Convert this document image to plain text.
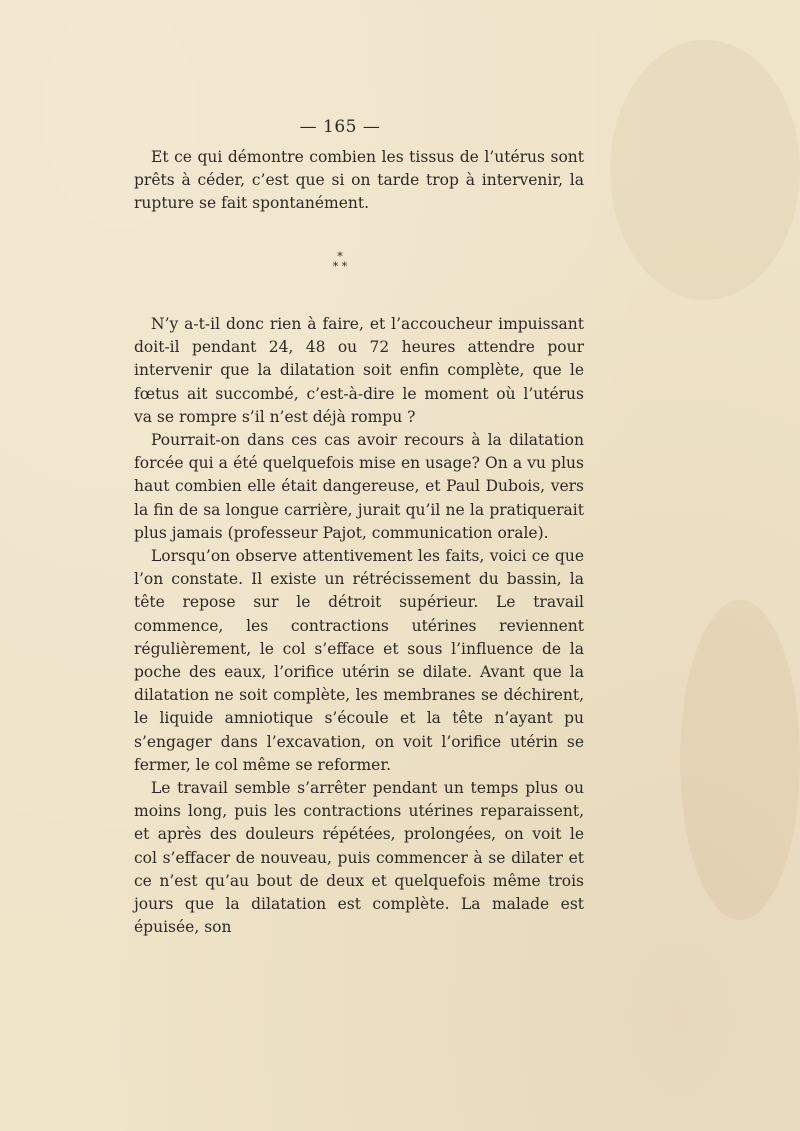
— 165 —

Et ce qui démontre combien les tissus de l’utérus sont prêts à céder, c’est que si on tarde trop à intervenir, la rupture se fait spontanément.

*
* *

N’y a-t-il donc rien à faire, et l’accoucheur impuissant doit-il pendant 24, 48 ou 72 heures attendre pour intervenir que la dilatation soit enfin complète, que le fœtus ait succombé, c’est-à-dire le moment où l’utérus va se rompre s’il n’est déjà rompu ?

Pourrait-on dans ces cas avoir recours à la dilatation forcée qui a été quelquefois mise en usage? On a vu plus haut combien elle était dangereuse, et Paul Dubois, vers la fin de sa longue carrière, jurait qu’il ne la pratiquerait plus jamais (professeur Pajot, communication orale).

Lorsqu’on observe attentivement les faits, voici ce que l’on constate. Il existe un rétrécissement du bassin, la tête repose sur le détroit supérieur. Le travail commence, les contractions utérines reviennent régulièrement, le col s’efface et sous l’influence de la poche des eaux, l’orifice utérin se dilate. Avant que la dilatation ne soit complète, les membranes se déchirent, le liquide amniotique s’écoule et la tête n’ayant pu s’engager dans l’excavation, on voit l’orifice utérin se fermer, le col même se reformer.

Le travail semble s’arrêter pendant un temps plus ou moins long, puis les contractions utérines reparaissent, et après des douleurs répétées, prolongées, on voit le col s’effacer de nouveau, puis commencer à se dilater et ce n’est qu’au bout de deux et quelquefois même trois jours que la dilatation est complète. La malade est épuisée, son
